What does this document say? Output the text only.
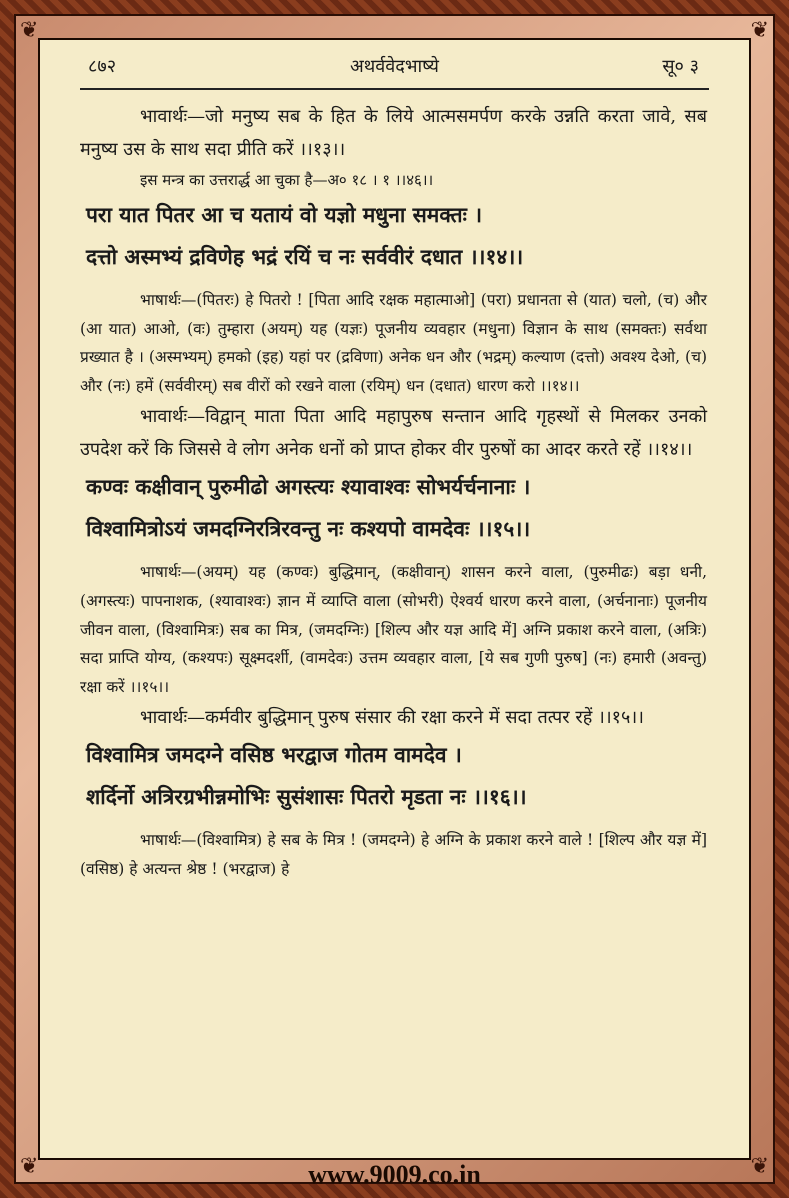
❦	❦
❦	❦
अथर्ववेदभाष्ये
८७२	सू० ३

भावार्थः—जो मनुष्य सब के हित के लिये आत्मसमर्पण करके उन्नति करता जावे, सब मनुष्य उस के साथ सदा प्रीति करें ।।१३।।

इस मन्त्र का उत्तरार्द्ध आ चुका है—अ० १८ । १ ।।४६।।

परा यात पितर आ च यतायं वो यज्ञो मधुना समक्तः ।

दत्तो अस्मभ्यं द्रविणेह भद्रं रयिं च नः सर्ववीरं दधात ।।१४।।

भाषार्थः—(पितरः) हे पितरो ! [पिता आदि रक्षक महात्माओ] (परा) प्रधानता से (यात) चलो, (च) और (आ यात) आओ, (वः) तुम्हारा (अयम्) यह (यज्ञः) पूजनीय व्यवहार (मधुना) विज्ञान के साथ (समक्तः) सर्वथा प्रख्यात है । (अस्मभ्यम्) हमको (इह) यहां पर (द्रविणा) अनेक धन और (भद्रम्) कल्याण (दत्तो) अवश्य देओ, (च) और (नः) हमें (सर्ववीरम्) सब वीरों को रखने वाला (रयिम्) धन (दधात) धारण करो ।।१४।।

भावार्थः—विद्वान् माता पिता आदि महापुरुष सन्तान आदि गृहस्थों से मिलकर उनको उपदेश करें कि जिससे वे लोग अनेक धनों को प्राप्त होकर वीर पुरुषों का आदर करते रहें ।।१४।।

कण्वः कक्षीवान् पुरुमीढो अगस्त्यः श्यावाश्वः सोभर्यर्चनानाः ।

विश्वामित्रोऽयं जमदग्निरत्रिरवन्तु नः कश्यपो वामदेवः ।।१५।।

भाषार्थः—(अयम्) यह (कण्वः) बुद्धिमान्, (कक्षीवान्) शासन करने वाला, (पुरुमीढः) बड़ा धनी, (अगस्त्यः) पापनाशक, (श्यावाश्वः) ज्ञान में व्याप्ति वाला (सोभरी) ऐश्वर्य धारण करने वाला, (अर्चनानाः) पूजनीय जीवन वाला, (विश्वामित्रः) सब का मित्र, (जमदग्निः) [शिल्प और यज्ञ आदि में] अग्नि प्रकाश करने वाला, (अत्रिः) सदा प्राप्ति योग्य, (कश्यपः) सूक्ष्मदर्शी, (वामदेवः) उत्तम व्यवहार वाला, [ये सब गुणी पुरुष] (नः) हमारी (अवन्तु) रक्षा करें ।।१५।।

भावार्थः—कर्मवीर बुद्धिमान् पुरुष संसार की रक्षा करने में सदा तत्पर रहें ।।१५।।

विश्वामित्र जमदग्ने वसिष्ठ भरद्वाज गोतम वामदेव ।

शर्दिर्नो अत्रिरग्रभीन्नमोभिः सुसंशासः पितरो मृडता नः ।।१६।।

भाषार्थः—(विश्वामित्र) हे सब के मित्र ! (जमदग्ने) हे अग्नि के प्रकाश करने वाले ! [शिल्प और यज्ञ में] (वसिष्ठ) हे अत्यन्त श्रेष्ठ ! (भरद्वाज) हे

www.9009.co.in
